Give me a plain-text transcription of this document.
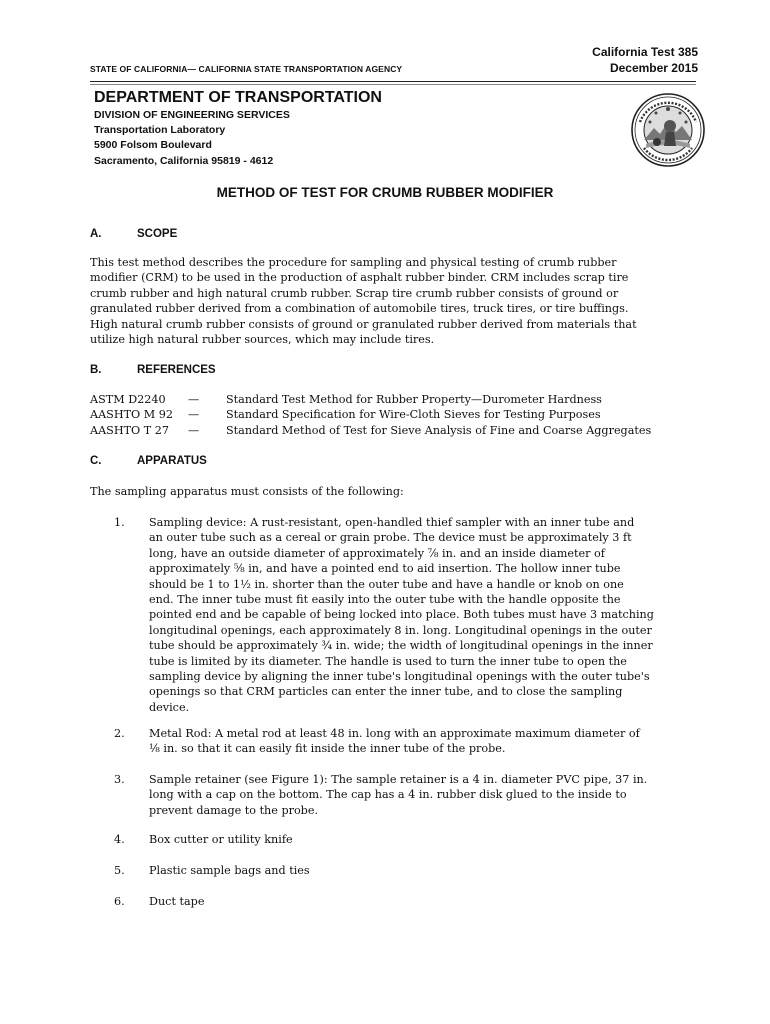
STATE OF CALIFORNIA— CALIFORNIA STATE TRANSPORTATION AGENCY
California Test 385
December 2015
DEPARTMENT OF TRANSPORTATION
DIVISION OF ENGINEERING SERVICES
Transportation Laboratory
5900 Folsom Boulevard
Sacramento, California 95819 - 4612
METHOD OF TEST FOR CRUMB RUBBER MODIFIER
A.	SCOPE
This test method describes the procedure for sampling and physical testing of crumb rubber
modifier (CRM) to be used in the production of asphalt rubber binder. CRM includes scrap tire
crumb rubber and high natural crumb rubber. Scrap tire crumb rubber consists of ground or
granulated rubber derived from a combination of automobile tires, truck tires, or tire buffings.
High natural crumb rubber consists of ground or granulated rubber derived from materials that
utilize high natural rubber sources, which may include tires.
B.	REFERENCES
ASTM D2240 — Standard Test Method for Rubber Property—Durometer Hardness
AASHTO M 92 — Standard Specification for Wire-Cloth Sieves for Testing Purposes
AASHTO T 27 — Standard Method of Test for Sieve Analysis of Fine and Coarse Aggregates
C.	APPARATUS
The sampling apparatus must consists of the following:
1. Sampling device: A rust-resistant, open-handled thief sampler with an inner tube and
an outer tube such as a cereal or grain probe. The device must be approximately 3 ft
long, have an outside diameter of approximately ⅞ in. and an inside diameter of
approximately ⅝ in, and have a pointed end to aid insertion. The hollow inner tube
should be 1 to 1½ in. shorter than the outer tube and have a handle or knob on one
end. The inner tube must fit easily into the outer tube with the handle opposite the
pointed end and be capable of being locked into place. Both tubes must have 3 matching
longitudinal openings, each approximately 8 in. long. Longitudinal openings in the outer
tube should be approximately ¾ in. wide; the width of longitudinal openings in the inner
tube is limited by its diameter. The handle is used to turn the inner tube to open the
sampling device by aligning the inner tube's longitudinal openings with the outer tube's
openings so that CRM particles can enter the inner tube, and to close the sampling
device.
2. Metal Rod: A metal rod at least 48 in. long with an approximate maximum diameter of
⅛ in. so that it can easily fit inside the inner tube of the probe.
3. Sample retainer (see Figure 1): The sample retainer is a 4 in. diameter PVC pipe, 37 in.
long with a cap on the bottom. The cap has a 4 in. rubber disk glued to the inside to
prevent damage to the probe.
4. Box cutter or utility knife
5. Plastic sample bags and ties
6. Duct tape
